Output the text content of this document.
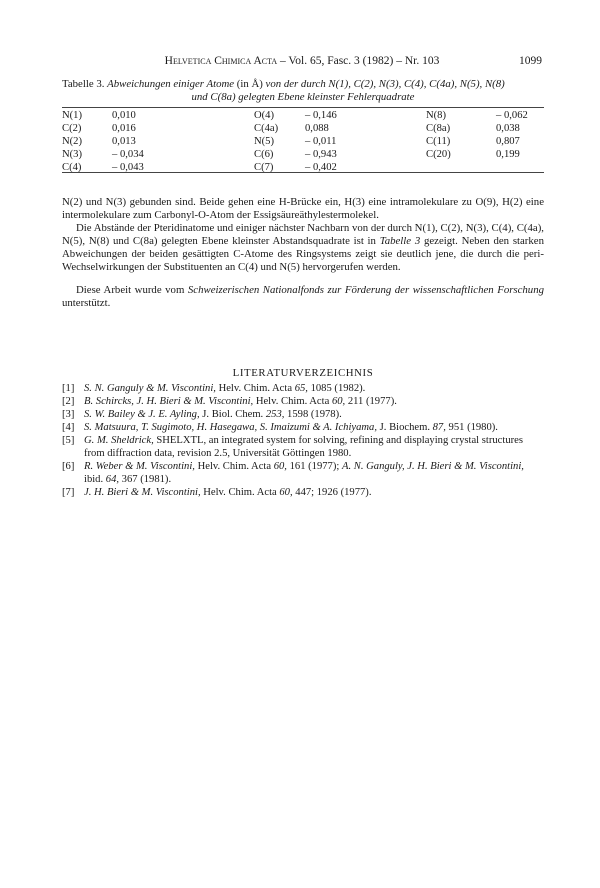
Helvetica Chimica Acta – Vol. 65, Fasc. 3 (1982) – Nr. 103	1099
Tabelle 3. Abweichungen einiger Atome (in Å) von der durch N(1), C(2), N(3), C(4), C(4a), N(5), N(8)
und C(8a) gelegten Ebene kleinster Fehlerquadrate
N(1)	0,010	O(4)	– 0,146	N(8)	– 0,062
C(2)	0,016	C(4a)	0,088	C(8a)	0,038
N(2)	0,013	N(5)	– 0,011	C(11)	0,807
N(3)	– 0,034	C(6)	– 0,943	C(20)	0,199
C(4)	– 0,043	C(7)	– 0,402

N(2) und N(3) gebunden sind. Beide gehen eine H-Brücke ein, H(3) eine intramolekulare zu O(9), H(2) eine intermolekulare zum Carbonyl-O-Atom der Essigsäureäthylestermolekel.

Die Abstände der Pteridinatome und einiger nächster Nachbarn von der durch N(1), C(2), N(3), C(4), C(4a), N(5), N(8) und C(8a) gelegten Ebene kleinster Abstandsquadrate ist in Tabelle 3 gezeigt. Neben den starken Abweichungen der beiden gesättigten C-Atome des Ringsystems zeigt sie deutlich jene, die durch die peri-Wechselwirkungen der Substituenten an C(4) und N(5) hervorgerufen werden.

Diese Arbeit wurde vom Schweizerischen Nationalfonds zur Förderung der wissenschaftlichen Forschung unterstützt.

LITERATURVERZEICHNIS
[1] S. N. Ganguly & M. Viscontini, Helv. Chim. Acta 65, 1085 (1982).
[2] B. Schircks, J. H. Bieri & M. Viscontini, Helv. Chim. Acta 60, 211 (1977).
[3] S. W. Bailey & J. E. Ayling, J. Biol. Chem. 253, 1598 (1978).
[4] S. Matsuura, T. Sugimoto, H. Hasegawa, S. Imaizumi & A. Ichiyama, J. Biochem. 87, 951 (1980).
[5] G. M. Sheldrick, SHELXTL, an integrated system for solving, refining and displaying crystal structures from diffraction data, revision 2.5, Universität Göttingen 1980.
[6] R. Weber & M. Viscontini, Helv. Chim. Acta 60, 161 (1977); A. N. Ganguly, J. H. Bieri & M. Viscontini, ibid. 64, 367 (1981).
[7] J. H. Bieri & M. Viscontini, Helv. Chim. Acta 60, 447; 1926 (1977).
